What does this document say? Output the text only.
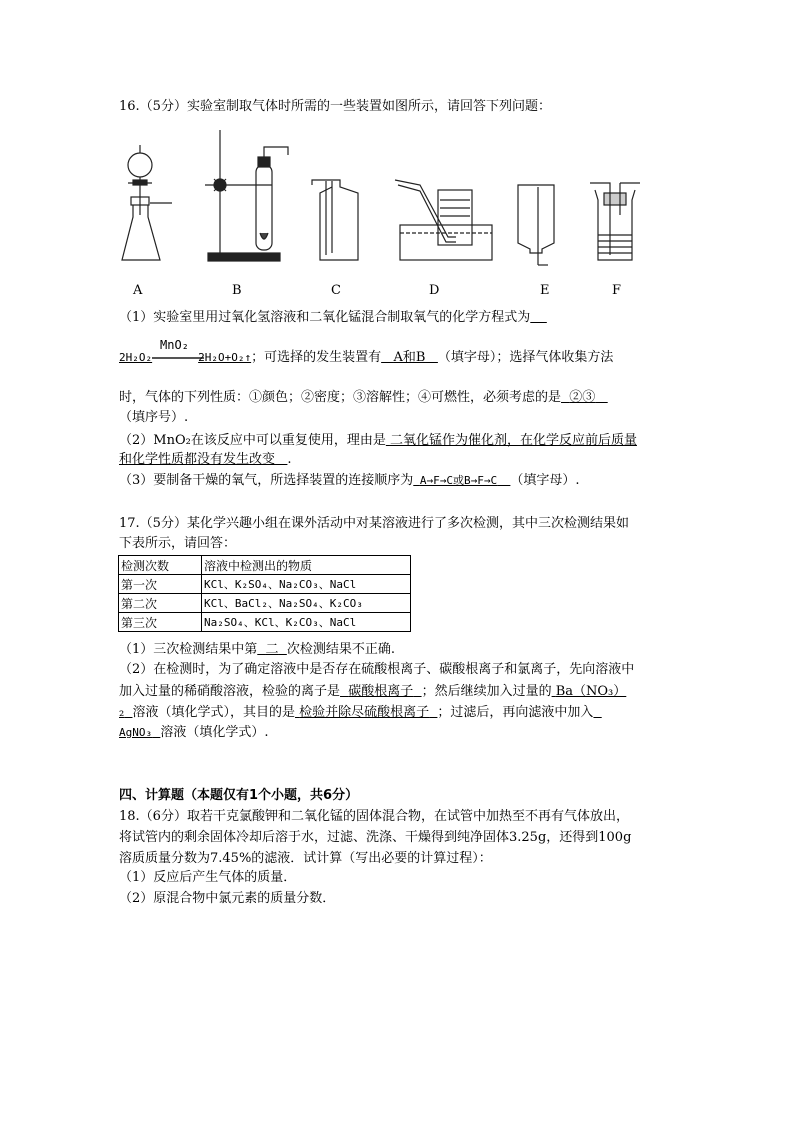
16.（5分）实验室制取气体时所需的一些装置如图所示，请回答下列问题：
A	B	C	D	E	F
（1）实验室里用过氧化氢溶液和二氧化锰混合制取氧气的化学方程式为
MnO₂
2H₂O₂	2H₂O+O₂↑；可选择的发生装置有 A和B （填字母）；选择气体收集方法
时，气体的下列性质：①颜色；②密度；③溶解性；④可燃性，必须考虑的是 ②③
（填序号）.
（2）MnO₂在该反应中可以重复使用，理由是 二氧化锰作为催化剂，在化学反应前后质量
和化学性质都没有发生改变 .
（3）要制备干燥的氧气，所选择装置的连接顺序为 A→F→C或B→F→C （填字母）.
17.（5分）某化学兴趣小组在课外活动中对某溶液进行了多次检测，其中三次检测结果如
下表所示，请回答：
检测次数	溶液中检测出的物质
第一次	KCl、K₂SO₄、Na₂CO₃、NaCl
第二次	KCl、BaCl₂、Na₂SO₄、K₂CO₃
第三次	Na₂SO₄、KCl、K₂CO₃、NaCl
（1）三次检测结果中第 二 次检测结果不正确.
（2）在检测时，为了确定溶液中是否存在硫酸根离子、碳酸根离子和氯离子，先向溶液中
加入过量的稀硝酸溶液，检验的离子是 碳酸根离子 ；然后继续加入过量的 Ba（NO₃）
₂ 溶液（填化学式），其目的是 检验并除尽硫酸根离子 ；过滤后，再向滤液中加入
AgNO₃ 溶液（填化学式）.
四、计算题（本题仅有1个小题，共6分）
18.（6分）取若干克氯酸钾和二氧化锰的固体混合物，在试管中加热至不再有气体放出，
将试管内的剩余固体冷却后溶于水，过滤、洗涤、干燥得到纯净固体3.25g，还得到100g
溶质质量分数为7.45%的滤液．试计算（写出必要的计算过程）：
（1）反应后产生气体的质量．
（2）原混合物中氯元素的质量分数．
